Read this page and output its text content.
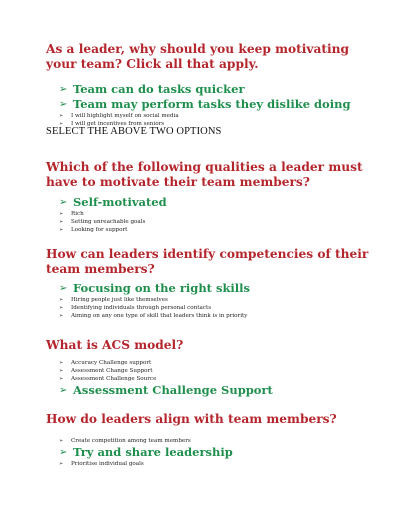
As a leader, why should you keep motivating your team? Click all that apply.

➢ Team can do tasks quicker
➢ Team may perform tasks they dislike doing
➢	I will highlight myself on social media
➢	I will get incentives from seniors

SELECT THE ABOVE TWO OPTIONS

Which of the following qualities a leader must have to motivate their team members?

➢ Self-motivated
➢	Rich
➢	Setting unreachable goals
➢	Looking for support

How can leaders identify competencies of their team members?

➢ Focusing on the right skills
➢	Hiring people just like themselves
➢	Identifying individuals through personal contacts
➢	Aiming on any one type of skill that leaders think is in priority

What is ACS model?

➢	Accuracy Challenge support
➢	Assessment Change Support
➢	Assessment Challenge Source
➢ Assessment Challenge Support

How do leaders align with team members?

➢	Create competition among team members
➢ Try and share leadership
➢	Prioritise individual goals
